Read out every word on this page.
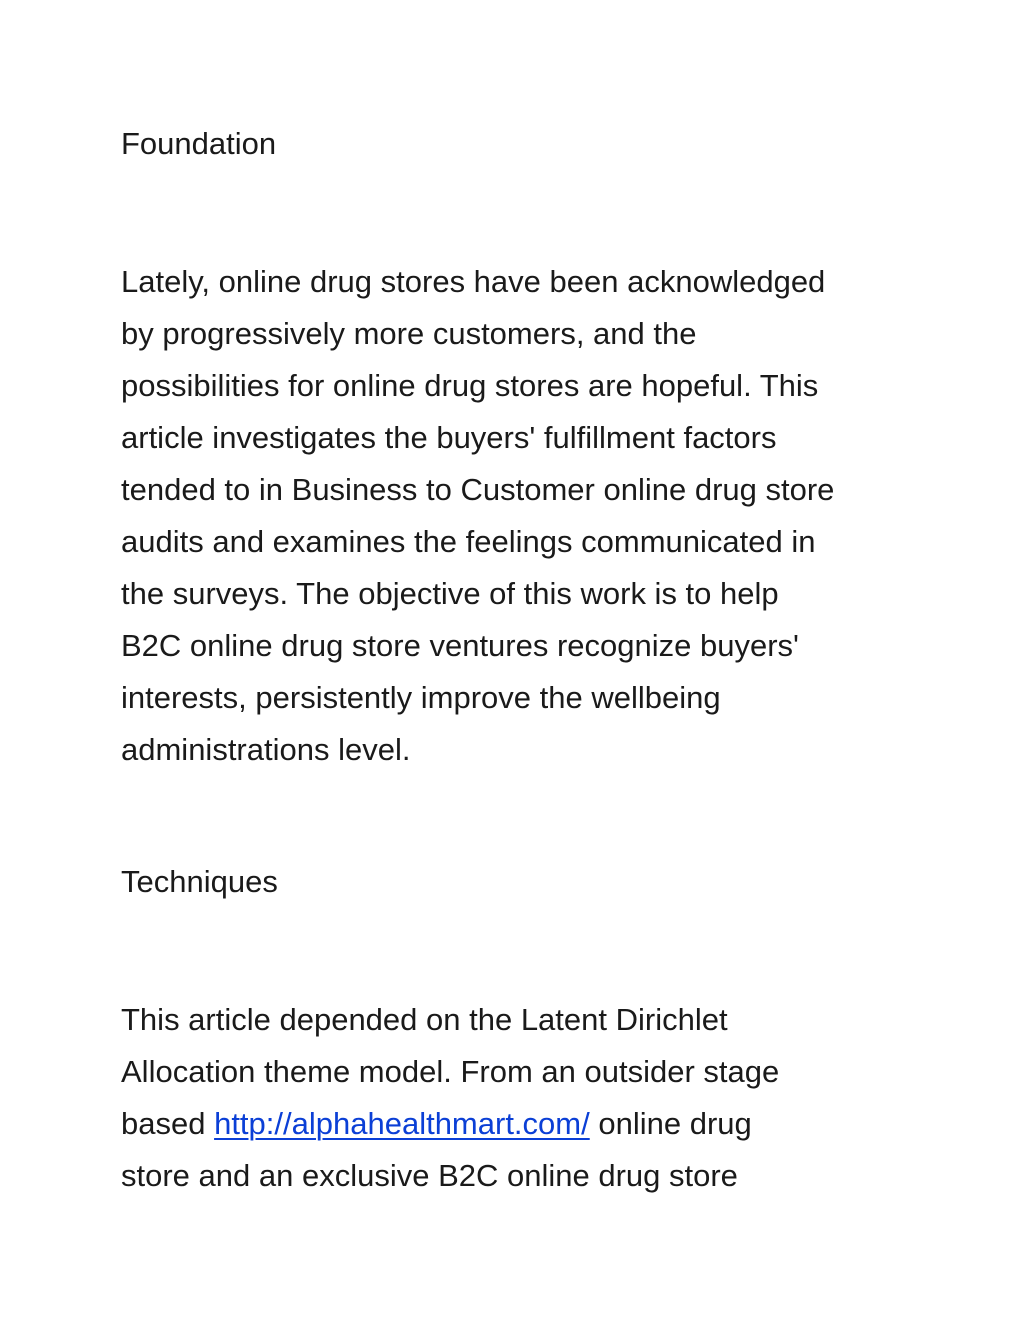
Foundation
Lately, online drug stores have been acknowledged
by progressively more customers, and the
possibilities for online drug stores are hopeful. This
article investigates the buyers' fulfillment factors
tended to in Business to Customer online drug store
audits and examines the feelings communicated in
the surveys. The objective of this work is to help
B2C online drug store ventures recognize buyers'
interests, persistently improve the wellbeing
administrations level.
Techniques
This article depended on the Latent Dirichlet
Allocation theme model. From an outsider stage
based http://alphahealthmart.com/ online drug
store and an exclusive B2C online drug store
